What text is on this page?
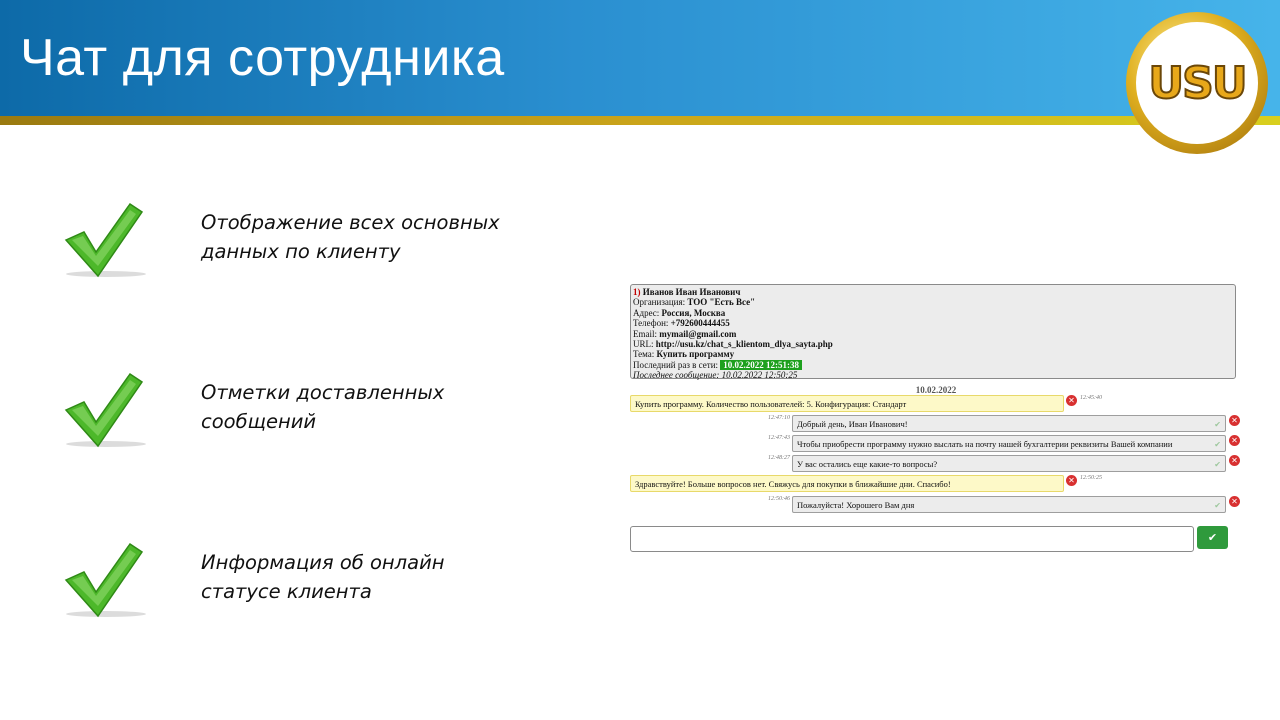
Чат для сотрудника	USU
Отображение всех основных
данных по клиенту
Отметки доставленных
сообщений
Информация об онлайн
статусе клиента
1) Иванов Иван Иванович
Организация: ТОО "Есть Все"
Адрес: Россия, Москва
Телефон: +792600444455
Email: mymail@gmail.com
URL: http://usu.kz/chat_s_klientom_dlya_sayta.php
Тема: Купить программу
Последний раз в сети: 10.02.2022 12:51:38
Последнее сообщение: 10.02.2022 12:50:25
10.02.2022
Купить программу. Количество пользователей: 5. Конфигурация: Стандарт	✕ 12:45:40
12:47:10
Добрый день, Иван Иванович!	✔ ✕
12:47:43
Чтобы приобрести программу нужно выслать на почту нашей бухгалтерии реквизиты Вашей компании	✔ ✕
12:48:27
У вас остались еще какие-то вопросы?	✔ ✕
Здравствуйте! Больше вопросов нет. Свяжусь для покупки в ближайшие дни. Спасибо!	✕ 12:50:25
12:50:46
Пожалуйста! Хорошего Вам дня	✔ ✕
✔
